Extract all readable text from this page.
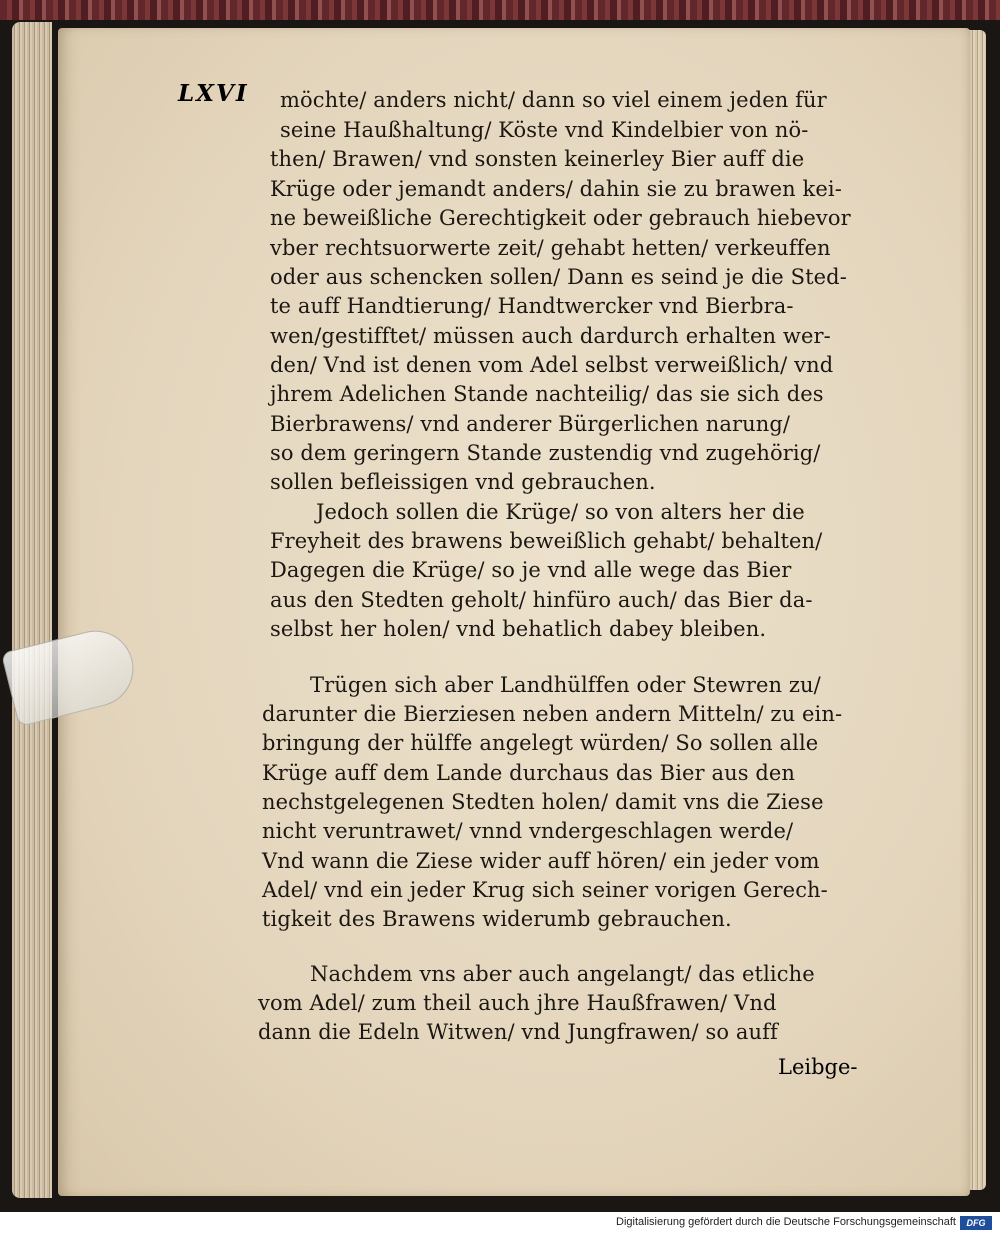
LXVI möchte/ anders nicht/ dann so viel einem jeden für
seine Haußhaltung/ Köste vnd Kindelbier von nö-
then/ Brawen/ vnd sonsten keinerley Bier auff die
Krüge oder jemandt anders/ dahin sie zu brawen kei-
ne beweißliche Gerechtigkeit oder gebrauch hiebevor
vber rechtsuorwerte zeit/ gehabt hetten/ verkeuffen
oder aus schencken sollen/ Dann es seind je die Sted-
te auff Handtierung/ Handtwercker vnd Bierbra-
wen/gestifftet/ müssen auch dardurch erhalten wer-
den/ Vnd ist denen vom Adel selbst verweißlich/ vnd
jhrem Adelichen Stande nachteilig/ das sie sich des
Bierbrawens/ vnd anderer Bürgerlichen narung/
so dem geringern Stande zustendig vnd zugehörig/
sollen befleissigen vnd gebrauchen.
Jedoch sollen die Krüge/ so von alters her die
Freyheit des brawens beweißlich gehabt/ behalten/
Dagegen die Krüge/ so je vnd alle wege das Bier
aus den Stedten geholt/ hinfüro auch/ das Bier da-
selbst her holen/ vnd behatlich dabey bleiben.
Trügen sich aber Landhülffen oder Stewren zu/
darunter die Bierziesen neben andern Mitteln/ zu ein-
bringung der hülffe angelegt würden/ So sollen alle
Krüge auff dem Lande durchaus das Bier aus den
nechstgelegenen Stedten holen/ damit vns die Ziese
nicht veruntrawet/ vnnd vndergeschlagen werde/
Vnd wann die Ziese wider auff hören/ ein jeder vom
Adel/ vnd ein jeder Krug sich seiner vorigen Gerech-
tigkeit des Brawens widerumb gebrauchen.
Nachdem vns aber auch angelangt/ das etliche
vom Adel/ zum theil auch jhre Haußfrawen/ Vnd
dann die Edeln Witwen/ vnd Jungfrawen/ so auff
Leibge-
Digitalisierung gefördert durch die Deutsche Forschungsgemeinschaft	DFG
